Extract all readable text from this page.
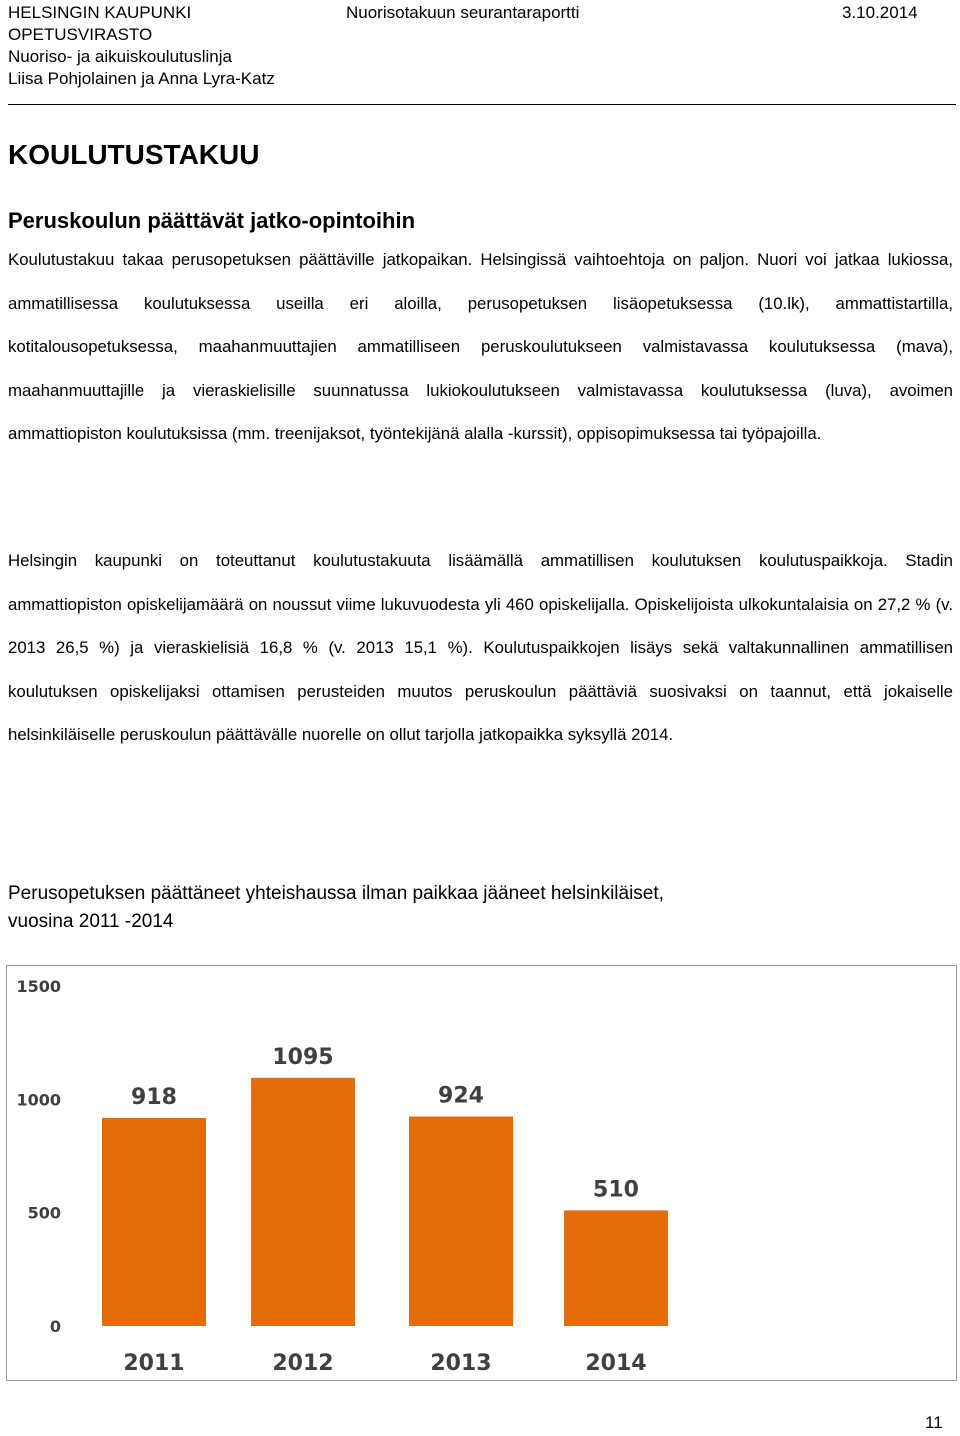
HELSINGIN KAUPUNKI
OPETUSVIRASTO
Nuoriso- ja aikuiskoulutuslinja
Liisa Pohjolainen ja Anna Lyra-Katz
Nuorisotakuun seurantaraportti	3.10.2014
KOULUTUSTAKUU
Peruskoulun päättävät jatko-opintoihin
Koulutustakuu takaa perusopetuksen päättäville jatkopaikan. Helsingissä vaihtoehtoja on paljon. Nuori voi jatkaa lukiossa, ammatillisessa koulutuksessa useilla eri aloilla, perusopetuksen lisäopetuksessa (10.lk), ammattistartilla, kotitalousopetuksessa, maahanmuuttajien ammatilliseen peruskoulutukseen valmistavassa koulutuksessa (mava), maahanmuuttajille ja vieraskielisille suunnatussa lukiokoulutukseen valmistavassa koulutuksessa (luva), avoimen ammattiopiston koulutuksissa (mm. treenijaksot, työntekijänä alalla -kurssit), oppisopimuksessa tai työpajoilla.
Helsingin kaupunki on toteuttanut koulutustakuuta lisäämällä ammatillisen koulutuksen koulutuspaikkoja. Stadin ammattiopiston opiskelijamäärä on noussut viime lukuvuodesta yli 460 opiskelijalla. Opiskelijoista ulkokuntalaisia on 27,2 % (v. 2013 26,5 %) ja vieraskielisiä 16,8 % (v. 2013 15,1 %). Koulutuspaikkojen lisäys sekä valtakunnallinen ammatillisen koulutuksen opiskelijaksi ottamisen perusteiden muutos peruskoulun päättäviä suosivaksi on taannut, että jokaiselle helsinkiläiselle peruskoulun päättävälle nuorelle on ollut tarjolla jatkopaikka syksyllä 2014.
Perusopetuksen päättäneet yhteishaussa ilman paikkaa jääneet helsinkiläiset,
vuosina 2011 -2014
0
500
1000
1500
918
2011
1095
2012
924
2013
510
2014
11
